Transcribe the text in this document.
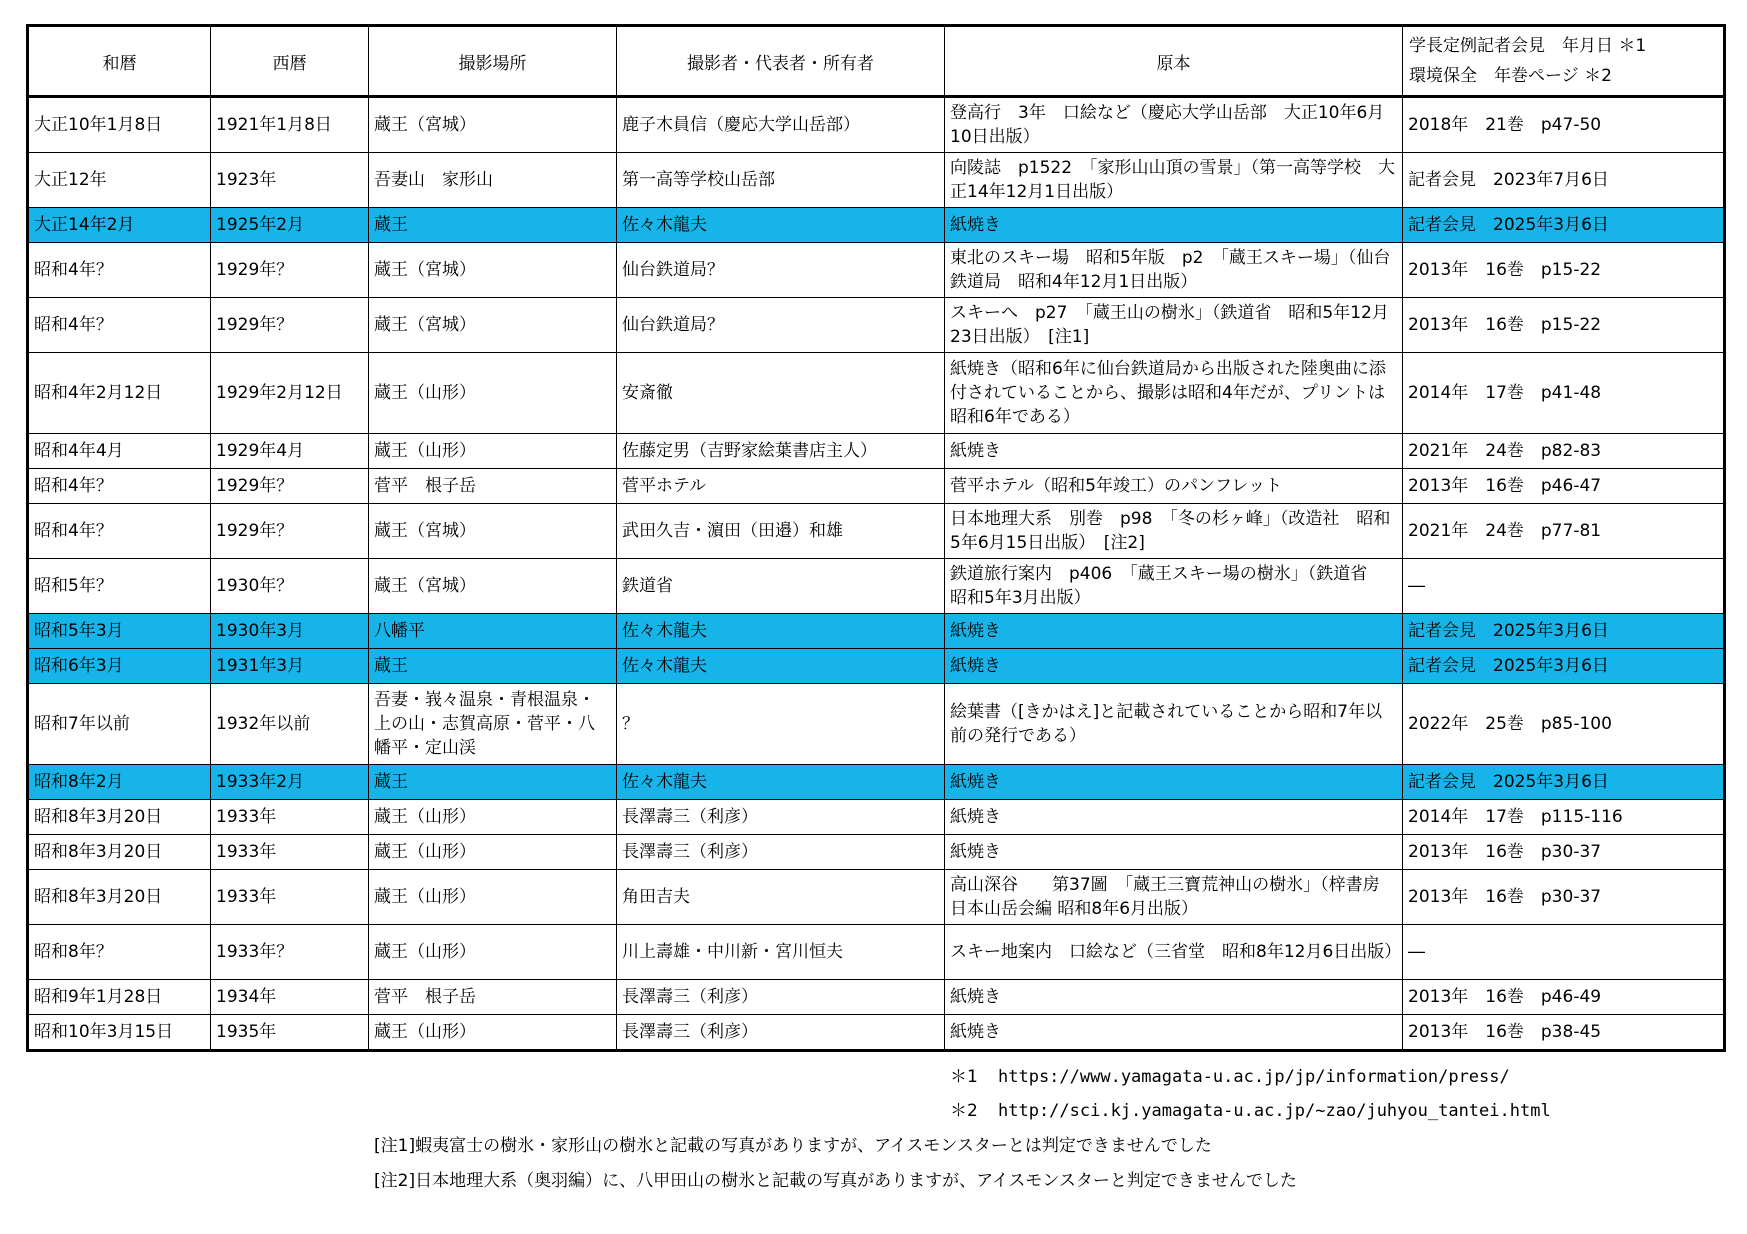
和暦	西暦	撮影場所	撮影者・代表者・所有者	原本	学長定例記者会見　年月日 ＊1
環境保全　年巻ページ ＊2

大正10年1月8日	1921年1月8日	蔵王（宮城）	鹿子木員信（慶応大学山岳部）	登高行　3年　口絵など（慶応大学山岳部　大正10年6月10日出版）	2018年　21巻　p47-50
大正12年	1923年	吾妻山　家形山	第一高等学校山岳部	向陵誌　p1522　「家形山山頂の雪景」（第一高等学校　大正14年12月1日出版）	記者会見　2023年7月6日
大正14年2月	1925年2月	蔵王	佐々木龍夫	紙焼き	記者会見　2025年3月6日
昭和4年？	1929年？	蔵王（宮城）	仙台鉄道局？	東北のスキー場　昭和5年版　p2　「蔵王スキー場」（仙台鉄道局　昭和4年12月1日出版）	2013年　16巻　p15-22
昭和4年？	1929年？	蔵王（宮城）	仙台鉄道局？	スキーへ　p27　「蔵王山の樹氷」（鉄道省　昭和5年12月23日出版）　[注1]	2013年　16巻　p15-22
昭和4年2月12日	1929年2月12日	蔵王（山形）	安斎徹	紙焼き（昭和6年に仙台鉄道局から出版された陸奥曲に添付されていることから、撮影は昭和4年だが、プリントは昭和6年である）	2014年　17巻　p41-48
昭和4年4月	1929年4月	蔵王（山形）	佐藤定男（吉野家絵葉書店主人）	紙焼き	2021年　24巻　p82-83
昭和4年？	1929年？	菅平　根子岳	菅平ホテル	菅平ホテル（昭和5年竣工）のパンフレット	2013年　16巻　p46-47
昭和4年？	1929年？	蔵王（宮城）	武田久吉・濵田（田邉）和雄	日本地理大系　別巻　p98　「冬の杉ヶ峰」（改造社　昭和5年6月15日出版）　[注2]	2021年　24巻　p77-81
昭和5年？	1930年？	蔵王（宮城）	鉄道省	鉄道旅行案内　p406　「蔵王スキー場の樹氷」（鉄道省　昭和5年3月出版）	―
昭和5年3月	1930年3月	八幡平	佐々木龍夫	紙焼き	記者会見　2025年3月6日
昭和6年3月	1931年3月	蔵王	佐々木龍夫	紙焼き	記者会見　2025年3月6日
昭和7年以前	1932年以前	吾妻・峩々温泉・青根温泉・上の山・志賀高原・菅平・八幡平・定山渓	？	絵葉書（[きかはえ]と記載されていることから昭和7年以前の発行である）	2022年　25巻　p85-100
昭和8年2月	1933年2月	蔵王	佐々木龍夫	紙焼き	記者会見　2025年3月6日
昭和8年3月20日	1933年	蔵王（山形）	長澤壽三（利彦）	紙焼き	2014年　17巻　p115-116
昭和8年3月20日	1933年	蔵王（山形）	長澤壽三（利彦）	紙焼き	2013年　16巻　p30-37
昭和8年3月20日	1933年	蔵王（山形）	角田吉夫	高山深谷　　第37圖　「蔵王三寶荒神山の樹氷」（梓書房 日本山岳会編 昭和8年6月出版）	2013年　16巻　p30-37
昭和8年？	1933年？	蔵王（山形）	川上壽雄・中川新・宮川恒夫	スキー地案内　口絵など（三省堂　昭和8年12月6日出版）	―
昭和9年1月28日	1934年	菅平　根子岳	長澤壽三（利彦）	紙焼き	2013年　16巻　p46-49
昭和10年3月15日	1935年	蔵王（山形）	長澤壽三（利彦）	紙焼き	2013年　16巻　p38-45
＊1 https://www.yamagata-u.ac.jp/jp/information/press/
＊2 http://sci.kj.yamagata-u.ac.jp/~zao/juhyou_tantei.html
[注1]蝦夷富士の樹氷・家形山の樹氷と記載の写真がありますが、アイスモンスターとは判定できませんでした
[注2]日本地理大系（奥羽編）に、八甲田山の樹氷と記載の写真がありますが、アイスモンスターと判定できませんでした
